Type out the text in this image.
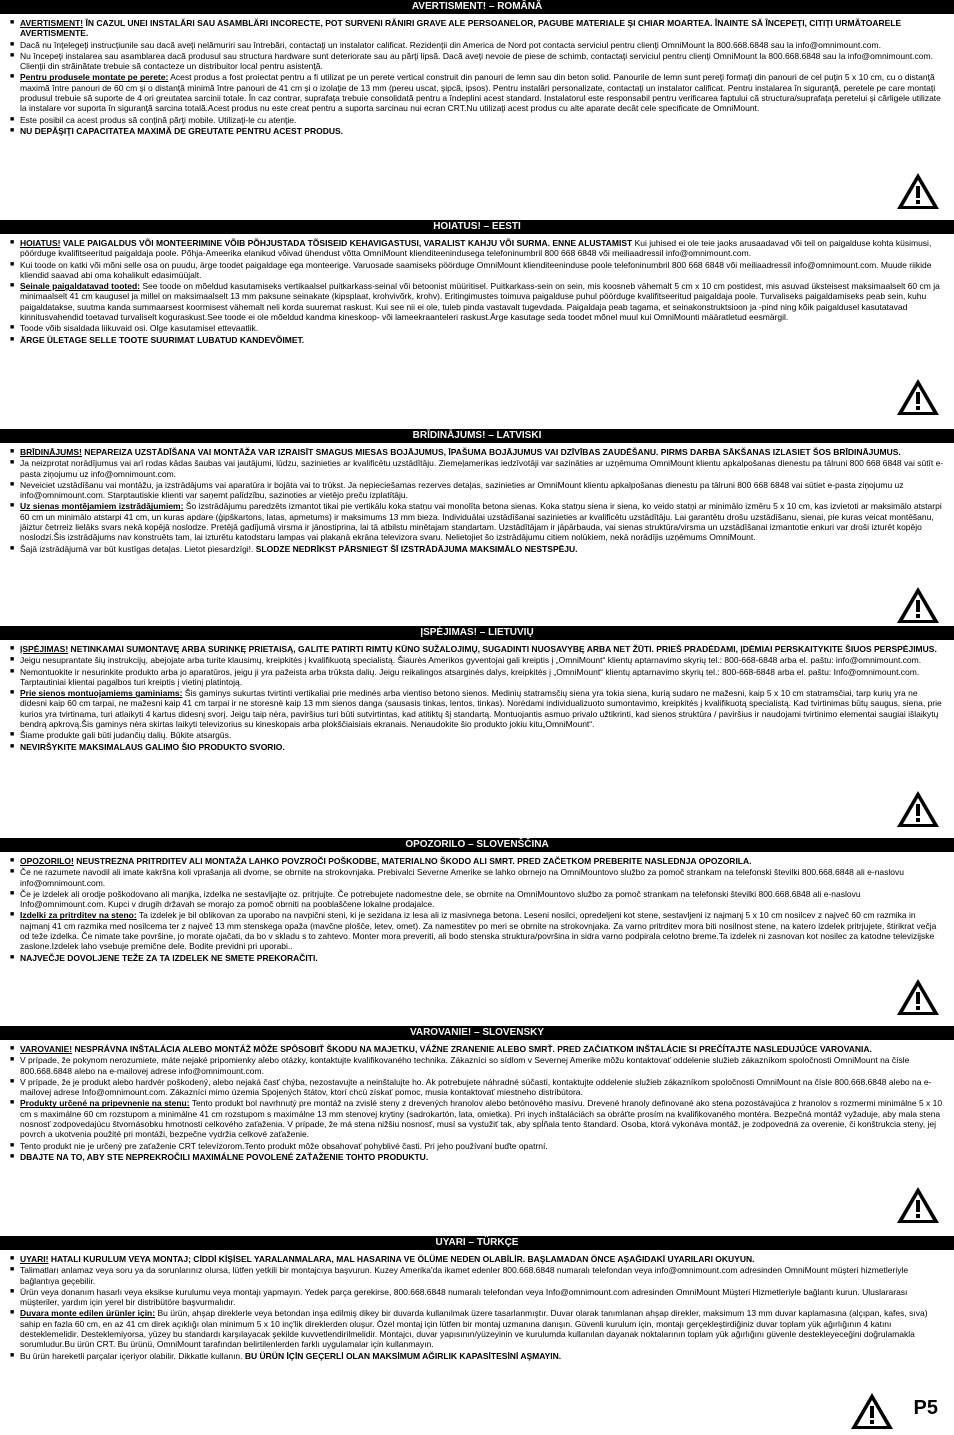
AVERTISMENT! – ROMÂNĂ
■ AVERTISMENT! ÎN CAZUL UNEI INSTALĂRI SAU ASAMBLĂRI INCORECTE, POT SURVENI RĂNIRI GRAVE ALE PERSOANELOR, PAGUBE MATERIALE ŞI CHIAR MOARTEA. ÎNAINTE SĂ ÎNCEPEŢI, CITIŢI URMĂTOARELE AVERTISMENTE.
■ Dacă nu înţelegeţi instrucţiunile sau dacă aveţi nelămuriri sau întrebări, contactaţi un instalator calificat. Rezidenţii din America de Nord pot contacta serviciul pentru clienţi OmniMount la 800.668.6848 sau la info@omnimount.com.
■ Nu începeţi instalarea sau asamblarea dacă produsul sau structura hardware sunt deteriorate sau au părţi lipsă. Dacă aveţi nevoie de piese de schimb, contactaţi serviciul pentru clienţi OmniMount la 800.668.6848 sau la info@omnimount.com. Clienţii din străinătate trebuie să contacteze un distribuitor local pentru asistenţă.
■ Pentru produsele montate pe perete: Acest produs a fost proiectat pentru a fi utilizat pe un perete vertical construit din panouri de lemn sau din beton solid. Panourile de lemn sunt pereţi formaţi din panouri de cel puţin 5 x 10 cm, cu o distanţă maximă între panouri de 60 cm şi o distanţă minimă între panouri de 41 cm şi o izolaţie de 13 mm (pereu uscat, şipcă, ipsos). Pentru instalări personalizate, contactaţi un instalator calificat. Pentru instalarea în siguranţă, peretele pe care montaţi produsul trebuie să suporte de 4 ori greutatea sarcinii totale. În caz contrar, suprafaţa trebuie consolidată pentru a îndeplini acest standard. Instalatorul este responsabil pentru verificarea faptului că structura/suprafaţa peretelui şi cârligele utilizate la instalare vor suporta în siguranţă sarcina totală.Acest produs nu este creat pentru a suporta sarcinau nui ecran CRT.Nu utilizaţi acest produs cu alte aparate decât cele specificate de OmniMount.
■ Este posibil ca acest produs să conţină părţi mobile. Utilizaţi-le cu atenţie.
■ NU DEPĂŞIŢI CAPACITATEA MAXIMĂ DE GREUTATE PENTRU ACEST PRODUS.
HOIATUS! – EESTI
■ HOIATUS! VALE PAIGALDUS VÕI MONTEERIMINE VÕIB PÕHJUSTADA TÕSISEID KEHAVIGASTUSI, VARALIST KAHJU VÕI SURMA. ENNE ALUSTAMIST Kui juhised ei ole teie jaoks arusaadavad või teil on paigalduse kohta küsimusi, pöörduge kvalifitseeritud paigaldaja poole. Põhja-Ameerika elanikud võivad ühendust võtta OmniMount klienditeenindusega telefoninumbril 800 668 6848 või meiliaadressil info@omnimount.com.
■ Kui toode on katki või mõni selle osa on puudu, ärge toodet paigaldage ega monteerige. Varuosade saamiseks pöörduge OmniMount klienditeeninduse poole telefoninumbril 800 668 6848 või meiliaadressil info@omnimount.com. Muude riikide kliendid saavad abi oma kohalikult edasimüüjalt.
■ Seinale paigaldatavad tooted: See toode on mõeldud kasutamiseks vertikaalsel puitkarkass-seinal või betoonist müüritisel. Puitkarkass-sein on sein, mis koosneb vähemalt 5 cm x 10 cm postidest, mis asuvad üksteisest maksimaalselt 60 cm ja minimaalselt 41 cm kaugusel ja millel on maksimaalselt 13 mm paksune seinakate (kipsplaat, krohvivõrk, krohv). Eritingimustes toimuva paigalduse puhul pöörduge kvalifitseeritud paigaldaja poole. Turvaliseks paigaldamiseks peab sein, kuhu paigaldatakse, suutma kanda summaarsest koormisest vähemalt neli korda suuremat raskust. Kui see nii ei ole, tuleb pinda vastavalt tugevdada. Paigaldaja peab tagama, et seinakonstruktsioon ja -pind ning kõik paigaldusel kasutatavad kinnitusvahendid toetavad turvaliselt koguraskust.See toode ei ole mõeldud kandma kineskoop- või lameekraanteleri raskust.Ärge kasutage seda toodet mõnel muul kui OmniMounti määratletud eesmärgil.
■ Toode võib sisaldada liikuvaid osi. Olge kasutamisel ettevaatlik.
■ ÄRGE ÜLETAGE SELLE TOOTE SUURIMAT LUBATUD KANDEVÕIMET.
BRĪDINĀJUMS! – LATVISKI
■ BRĪDINĀJUMS! NEPAREIZA UZSTĀDĪŠANA VAI MONTĀŽA VAR IZRAISĪT SMAGUS MIESAS BOJĀJUMUS, ĪPAŠUMA BOJĀJUMUS VAI DZĪVĪBAS ZAUDĒŠANU. PIRMS DARBA SĀKŠANAS IZLASIET ŠOS BRĪDINĀJUMUS.
■ Ja neizprotat norādījumus vai arī rodas kādas šaubas vai jautājumi, lūdzu, sazinieties ar kvalificētu uzstādītāju. Ziemeļamerikas iedzīvotāji var sazināties ar uzņēmuma OmniMount klientu apkalpošanas dienestu pa tālruni 800 668 6848 vai sūtīt e-pasta ziņojumu uz info@omnimount.com.
■ Neveiciet uzstādīšanu vai montāžu, ja izstrādājums vai aparatūra ir bojāta vai to trūkst. Ja nepieciešamas rezerves detaļas, sazinieties ar OmniMount klientu apkalpošanas dienestu pa tālruni 800 668 6848 vai sūtiet e-pasta ziņojumu uz info@omnimount.com. Starptautiskie klienti var saņemt palīdzību, sazinoties ar vietējo preču izplatītāju.
■ Uz sienas montējamiem izstrādājumiem: Šo izstrādājumu paredzēts izmantot tikai pie vertikālu koka statņu vai monolīta betona sienas. Koka statņu siena ir siena, ko veido statņi ar minimālo izmēru 5 x 10 cm, kas izvietoti ar maksimālo atstarpi 60 cm un minimālo atstarpi 41 cm, un kuras apdare (ģipškartons, latas, apmetums) ir maksimums 13 mm bieza. Individuālai uzstādīšanai sazinieties ar kvalificētu uzstādītāju. Lai garantētu drošu uzstādīšanu, sienai, pie kuras veicat montēšanu, jāiztur četrreiz lielāks svars nekā kopējā noslodze. Pretējā gadījumā virsma ir jānostiprina, lai tā atbilstu minētajam standartam. Uzstādītājam ir jāpārbauda, vai sienas struktūra/virsma un uzstādīšanai izmantotie enkuri var droši izturēt kopējo noslodzi.Šis izstrādājums nav konstruēts tam, lai izturētu katodstaru lampas vai plakanā ekrāna televizora svaru. Nelietojiet šo izstrādājumu citiem nolūkiem, nekā norādījis uzņēmums OmniMount.
■ Šajā izstrādājumā var būt kustīgas detaļas. Lietot piesardzīgi!. SLODZE NEDRĪKST PĀRSNIEGT ŠĪ IZSTRĀDĀJUMA MAKSIMĀLO NESTSPĒJU.
ĮSPĖJIMAS! – LIETUVIŲ
■ ĮSPĖJIMAS! NETINKAMAI SUMONTAVĘ ARBA SURINKĘ PRIETAISĄ, GALITE PATIRTI RIMTŲ KŪNO SUŽALOJIMŲ, SUGADINTI NUOSAVYBĘ ARBA NET ŽŪTI. PRIEŠ PRADĖDAMI, ĮDĖMIAI PERSKAITYKITE ŠIUOS PERSPĖJIMUS.
■ Jeigu nesuprantate šių instrukcijų, abejojate arba turite klausimų, kreipkitės į kvalifikuotą specialistą. Šiaurės Amerikos gyventojai gali kreiptis į „OmniMount“ klientų aptarnavimo skyrių tel.: 800-668-6848 arba el. paštu: info@omnimount.com.
■ Nemontuokite ir nesurinkite produkto arba jo aparatūros, jeigu ji yra pažeista arba trūksta dalių. Jeigu reikalingos atsarginės dalys, kreipkitės į „OmniMount“ klientų aptarnavimo skyrių tel.: 800-668-6848 arba el. paštu: Info@omnimount.com. Tarptautiniai klientai pagalbos turi kreiptis į vietinį platintoją.
■ Prie sienos montuojamiems gaminiams: Šis gaminys sukurtas tvirtinti vertikaliai prie medinės arba vientiso betono sienos. Medinių statramsčių siena yra tokia siena, kurią sudaro ne mažesni, kaip 5 x 10 cm statramsčiai, tarp kurių yra ne didesni kaip 60 cm tarpai, ne mažesni kaip 41 cm tarpai ir ne storesnė kaip 13 mm sienos danga (sausasis tinkas, lentos, tinkas). Norėdami individualizuoto sumontavimo, kreipkitės į kvalifikuotą specialistą. Kad tvirtinimas būtų saugus, siena, prie kurios yra tvirtinama, turi atlaikyti 4 kartus didesnį svorį. Jeigu taip nėra, paviršius turi būti sutvirtintas, kad atitiktų šį standartą. Montuojantis asmuo privalo užtikrinti, kad sienos struktūra / paviršius ir naudojami tvirtinimo elementai saugiai išlaikytų bendrą apkrovą.Šis gaminys nėra skirtas laikyti televizorius su kineskopais arba plokščiaisiais ekranais. Nenaudokite šio produkto jokiu kitu„OmniMount“.
■ Šiame produkte gali būti judančių dalių. Būkite atsargūs.
■ NEVIRŠYKITE MAKSIMALAUS GALIMO ŠIO PRODUKTO SVORIO.
OPOZORILO – SLOVENŠČINA
■ OPOZORILO! NEUSTREZNA PRITRDITEV ALI MONTAŽA LAHKO POVZROČI POŠKODBE, MATERIALNO ŠKODO ALI SMRT. PRED ZAČETKOM PREBERITE NASLEDNJA OPOZORILA.
■ Če ne razumete navodil ali imate kakršna koli vprašanja ali dvome, se obrnite na strokovnjaka. Prebivalci Severne Amerike se lahko obrnejo na OmniMountovo službo za pomoč strankam na telefonski številki 800.668.6848 ali e-naslovu info@omnimount.com.
■ Če je izdelek ali orodje poškodovano ali manjka, izdelka ne sestavljajte oz. pritrjujte. Če potrebujete nadomestne dele, se obrnite na OmniMountovo službo za pomoč strankam na telefonski številki 800.668.6848 ali e-naslovu Info@omnimount.com. Kupci v drugih državah se morajo za pomoč obrniti na pooblaščene lokalne prodajalce.
■ Izdelki za pritrditev na steno: Ta izdelek je bil oblikovan za uporabo na navpični steni, ki je sezidana iz lesa ali iz masivnega betona. Leseni nosilci, opredeljeni kot stene, sestavljeni iz najmanj 5 x 10 cm nosilcev z največ 60 cm razmika in najmanj 41 cm razmika med nosilcema ter z največ 13 mm stenskega opaža (mavčne plošče, letev, omet). Za namestitev po meri se obrnite na strokovnjaka. Za varno pritrditev mora biti nosilnost stene, na katero izdelek pritrjujete, štirikrat večja od teže izdelka. Če nimate take površine, jo morate ojačati, da bo v skladu s to zahtevo. Monter mora preveriti, ali bodo stenska struktura/površina in sidra varno podpirala celotno breme.Ta izdelek ni zasnovan kot nosilec za katodne televizijske zaslone.Izdelek laho vsebuje premične dele. Bodite previdni pri uporabi..
■ NAJVEČJE DOVOLJENE TEŽE ZA TA IZDELEK NE SMETE PREKORAČITI.
VAROVANIE! – SLOVENSKY
■ VAROVANIE! NESPRÁVNA INŠTALÁCIA ALEBO MONTÁŽ MÔŽE SPÔSOBIŤ ŠKODU NA MAJETKU, VÁŽNE ZRANENIE ALEBO SMRŤ. PRED ZAČIATKOM INŠTALÁCIE SI PREČÍTAJTE NASLEDUJÚCE VAROVANIA.
■ V prípade, že pokynom nerozumiete, máte nejaké pripomienky alebo otázky, kontaktujte kvalifikovaného technika. Zákazníci so sídlom v Severnej Amerike môžu kontaktovať oddelenie služieb zákazníkom spoločnosti OmniMount na čísle 800.668.6848 alebo na e-mailovej adrese info@omnimount.com.
■ V prípade, že je produkt alebo hardvér poškodený, alebo nejaká časť chýba, nezostavujte a neinštalujte ho. Ak potrebujete náhradné súčasti, kontaktujte oddelenie služieb zákazníkom spoločnosti OmniMount na čísle 800.668.6848 alebo na e-mailovej adrese Info@omnimount.com. Zákazníci mimo územia Spojených štátov, ktorí chcú získať pomoc, musia kontaktovať miestneho distribútora.
■ Produkty určené na pripevnenie na stenu: Tento produkt bol navrhnutý pre montáž na zvislé steny z drevených hranolov alebo betónového masívu. Drevené hranoly definované ako stena pozostávajúca z hranolov s rozmermi minimálne 5 x 10 cm s maximálne 60 cm rozstupom a minimálne 41 cm rozstupom s maximálne 13 mm stenovej krytiny (sadrokartón, lata, omietka). Pri inych inštaláciách sa obráťte prosím na kvalifikovaného montéra. Bezpečná montáž vyžaduje, aby mala stena nosnosť zodpovedajúcu štvornásobku hmotnosti celkového zaťaženia. V prípade, že má stena nižšiu nosnosť, musí sa vystužiť tak, aby spĺňala tento štandard. Osoba, ktorá vykonáva montáž, je zodpovedná za overenie, či konštrukcia steny, jej povrch a ukotvenia použité pri montáži, bezpečne vydržia celkové zaťaženie.
■ Tento produkt nie je určený pre zaťaženie CRT televízorom.Tento produkt môže obsahovať pohyblivé časti. Pri jeho používaní buďte opatrní.
■ DBAJTE NA TO, ABY STE NEPREKROČILI MAXIMÁLNE POVOLENÉ ZAŤAŽENIE TOHTO PRODUKTU.
UYARI – TÜRKÇE
■ UYARI! HATALI KURULUM VEYA MONTAJ; CİDDİ KİŞİSEL YARALANMALARA, MAL HASARINA VE ÖLÜME NEDEN OLABİLİR. BAŞLAMADAN ÖNCE AŞAĞIDAKİ UYARILARI OKUYUN.
■ Talimatları anlamaz veya soru ya da sorunlarınız olursa, lütfen yetkili bir montajcıya başvurun. Kuzey Amerika'da ikamet edenler 800.668.6848 numaralı telefondan veya info@omnimount.com adresinden OmniMount müşteri hizmetleriyle bağlantıya geçebilir.
■ Ürün veya donanım hasarlı veya eksikse kurulumu veya montajı yapmayın. Yedek parça gerekirse, 800.668.6848 numaralı telefondan veya Info@omnimount.com adresinden OmniMount Müşteri Hizmetleriyle bağlantı kurun. Uluslararası müşteriler, yardım için yerel bir distribütöre başvurmalıdır.
■ Duvara monte edilen ürünler için: Bu ürün, ahşap direklerle veya betondan inşa edilmiş dikey bir duvarda kullanılmak üzere tasarlanmıştır. Duvar olarak tanımlanan ahşap direkler, maksimum 13 mm duvar kaplamasına (alçıpan, kafes, sıva) sahip en fazla 60 cm, en az 41 cm direk açıklığı olan minimum 5 x 10 inç'lik direklerden oluşur. Özel montaj için lütfen bir montaj uzmanına danışın. Güvenli kurulum için, montajı gerçekleştirdiğiniz duvar toplam yük ağırlığının 4 katını desteklemelidir. Desteklemiyorsa, yüzey bu standardı karşılayacak şekilde kuvvetlendirilmelidir. Montajcı, duvar yapısının/yüzeyinin ve kurulumda kullanılan dayanak noktalarının toplam yük ağırlığını güvenle destekleyeceğini doğrulamakla sorumludur.Bu ürün CRT. Bu ürünü, OmniMount tarafından belirtilenlerden farklı uygulamalar için kullanmayın.
■ Bu ürün hareketli parçalar içeriyor olabilir. Dikkatle kullanın. BU ÜRÜN İÇİN GEÇERLİ OLAN MAKSİMUM AĞIRLIK KAPASİTESİNİ AŞMAYIN.
P5
